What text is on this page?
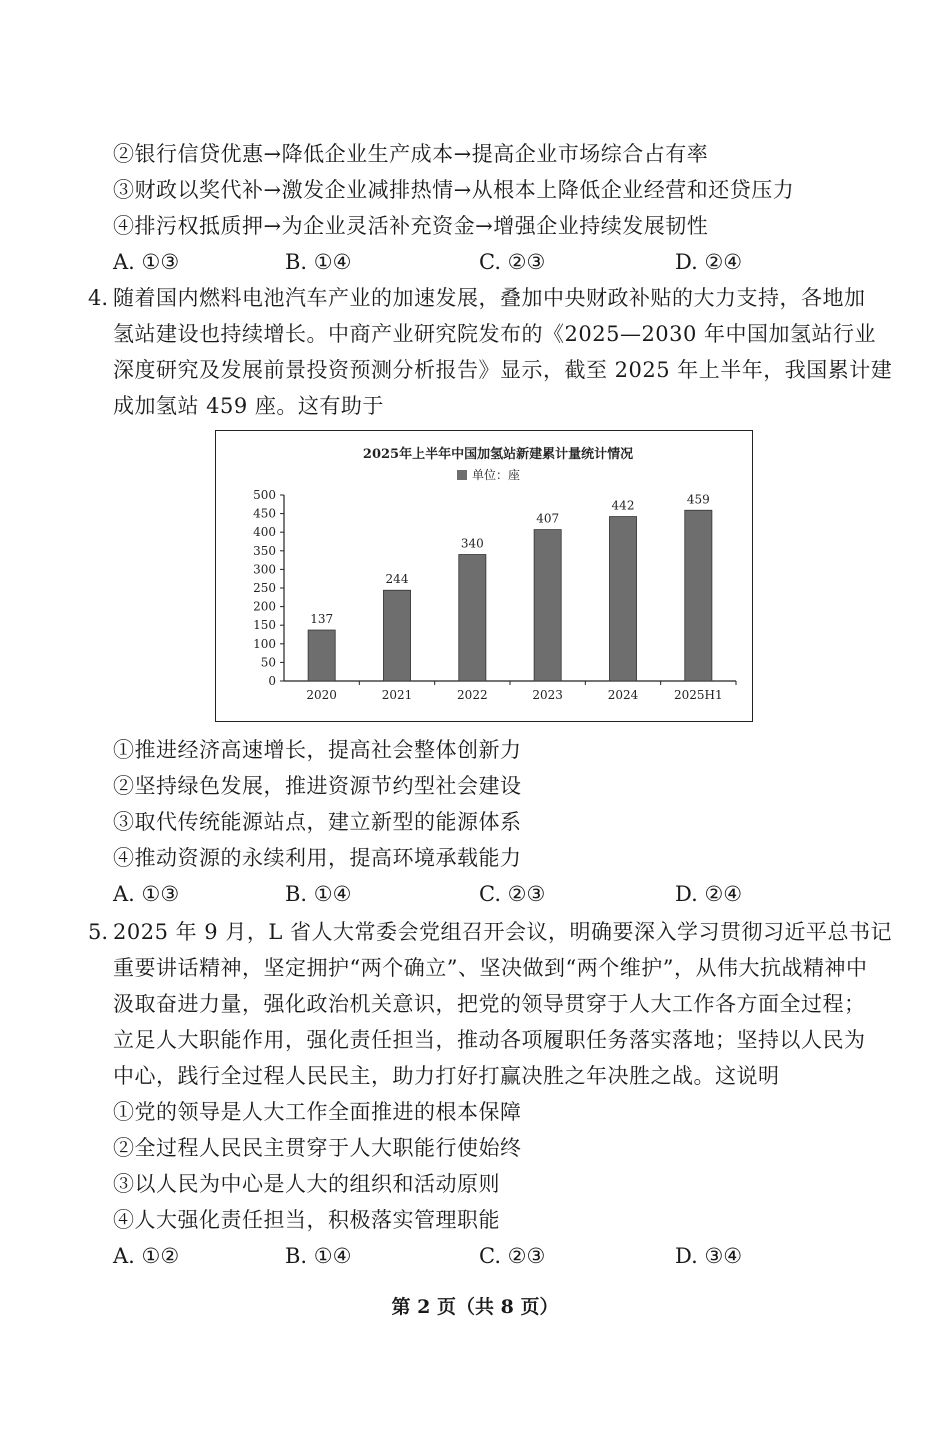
②银行信贷优惠→降低企业生产成本→提高企业市场综合占有率
③财政以奖代补→激发企业减排热情→从根本上降低企业经营和还贷压力
④排污权抵质押→为企业灵活补充资金→增强企业持续发展韧性
A. ①③	B. ①④	C. ②③	D. ②④
4. 随着国内燃料电池汽车产业的加速发展，叠加中央财政补贴的大力支持，各地加
氢站建设也持续增长。中商产业研究院发布的《2025—2030 年中国加氢站行业
深度研究及发展前景投资预测分析报告》显示，截至 2025 年上半年，我国累计建
成加氢站 459 座。这有助于
2025年上半年中国加氢站新建累计量统计情况
单位：座
0
50
100
150
200
250
300
350
400
450
500
137
2020
244
2021
340
2022
407
2023
442
2024
459
2025H1
①推进经济高速增长，提高社会整体创新力
②坚持绿色发展，推进资源节约型社会建设
③取代传统能源站点，建立新型的能源体系
④推动资源的永续利用，提高环境承载能力
A. ①③	B. ①④	C. ②③	D. ②④
5. 2025 年 9 月，L 省人大常委会党组召开会议，明确要深入学习贯彻习近平总书记
重要讲话精神，坚定拥护“两个确立”、坚决做到“两个维护”，从伟大抗战精神中
汲取奋进力量，强化政治机关意识，把党的领导贯穿于人大工作各方面全过程；
立足人大职能作用，强化责任担当，推动各项履职任务落实落地；坚持以人民为
中心，践行全过程人民民主，助力打好打赢决胜之年决胜之战。这说明
①党的领导是人大工作全面推进的根本保障
②全过程人民民主贯穿于人大职能行使始终
③以人民为中心是人大的组织和活动原则
④人大强化责任担当，积极落实管理职能
A. ①②	B. ①④	C. ②③	D. ③④
第 2 页（共 8 页）
